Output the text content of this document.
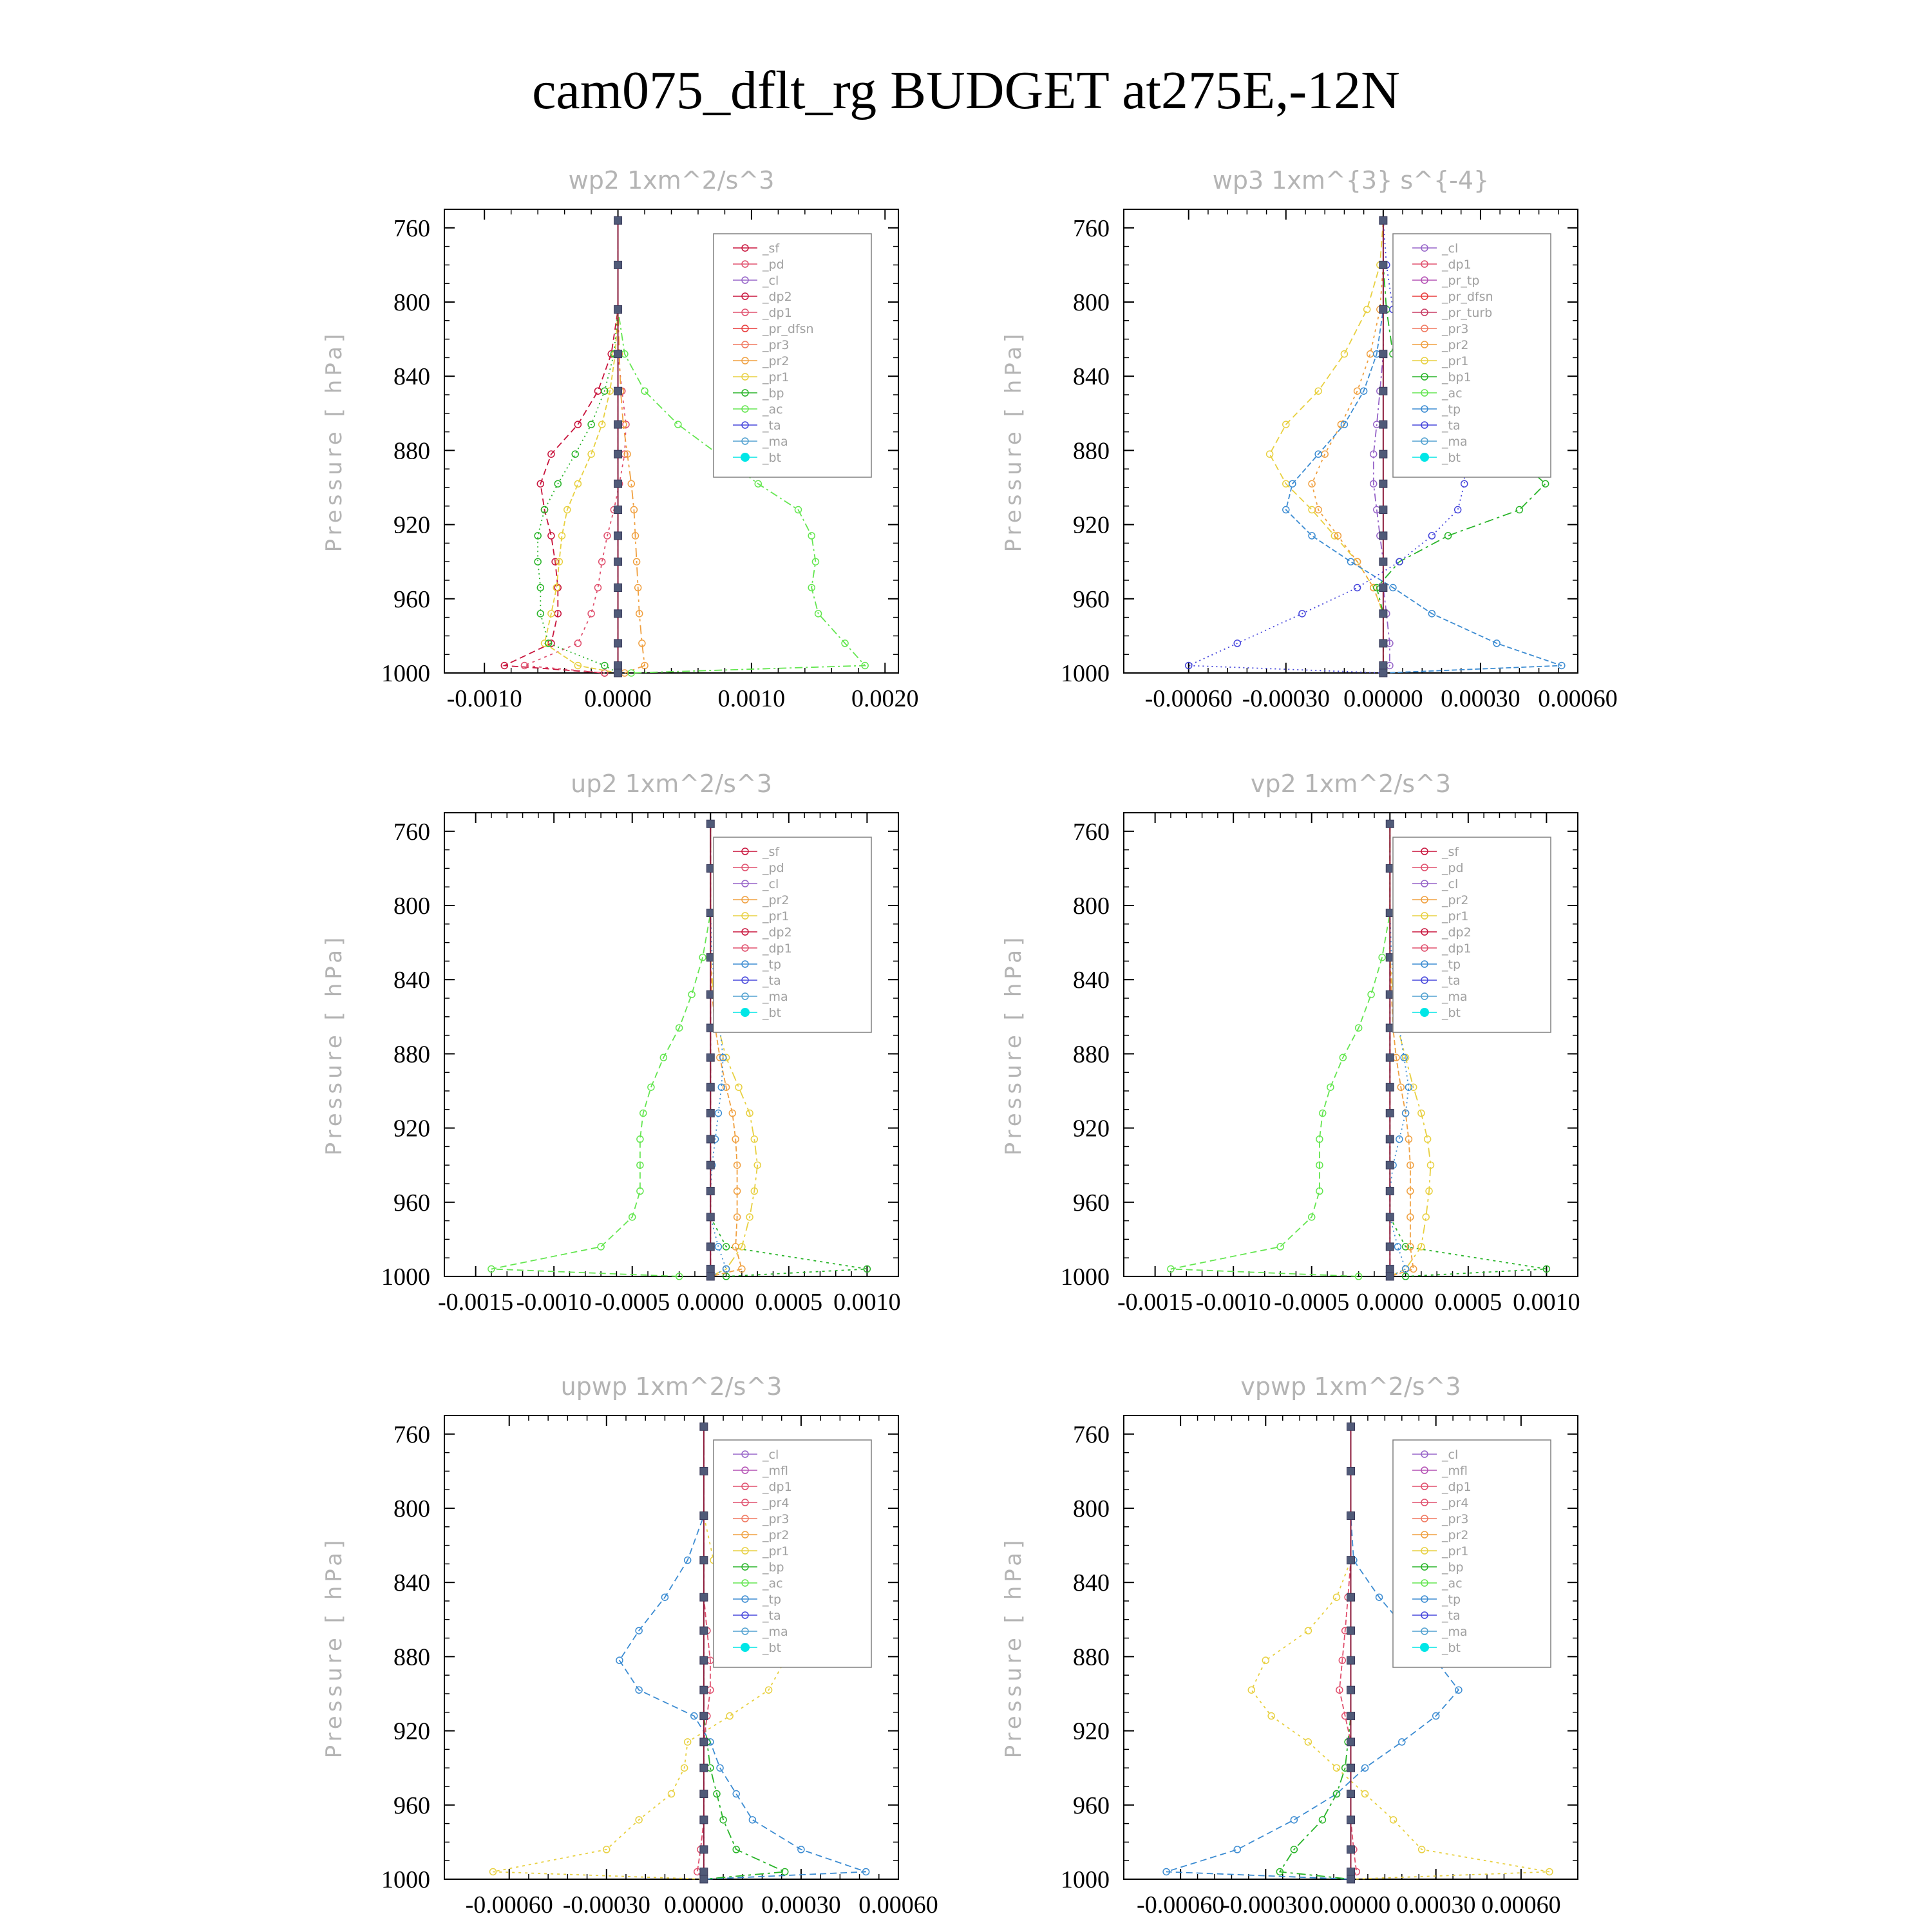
cam075_dflt_rg BUDGET at275E,-12N
wp2 1xm^2/s^3
Pressure [ hPa]
760
800
840
880
920
960
1000
-0.0010	0.0000	0.0010	0.0020
_sf
_pd
_cl
_dp2
_dp1
_pr_dfsn
_pr3
_pr2
_pr1
_bp
_ac
_ta
_ma
_bt
wp3 1xm^{3} s^{-4}
Pressure [ hPa]
760
800
840
880
920
960
1000
-0.00060 -0.00030 0.00000 0.00030 0.00060
_cl
_dp1
_pr_tp
_pr_dfsn
_pr_turb
_pr3
_pr2
_pr1
_bp1
_ac
_tp
_ta
_ma
_bt
up2 1xm^2/s^3
Pressure [ hPa]
760
800
840
880
920
960
1000
-0.0015 -0.0010 -0.0005 0.0000 0.0005 0.0010
_sf
_pd
_cl
_pr2
_pr1
_dp2
_dp1
_tp
_ta
_ma
_bt
vp2 1xm^2/s^3
Pressure [ hPa]
760
800
840
880
920
960
1000
-0.0015 -0.0010 -0.0005 0.0000 0.0005 0.0010
_sf
_pd
_cl
_pr2
_pr1
_dp2
_dp1
_tp
_ta
_ma
_bt
upwp 1xm^2/s^3
Pressure [ hPa]
760
800
840
880
920
960
1000
-0.00060 -0.00030 0.00000 0.00030 0.00060
_cl
_mfl
_dp1
_pr4
_pr3
_pr2
_pr1
_bp
_ac
_tp
_ta
_ma
_bt
vpwp 1xm^2/s^3
Pressure [ hPa]
760
800
840
880
920
960
1000
-0.00060
-0.00030 0.00000 0.00030 0.00060
_cl
_mfl
_dp1
_pr4
_pr3
_pr2
_pr1
_bp
_ac
_tp
_ta
_ma
_bt
